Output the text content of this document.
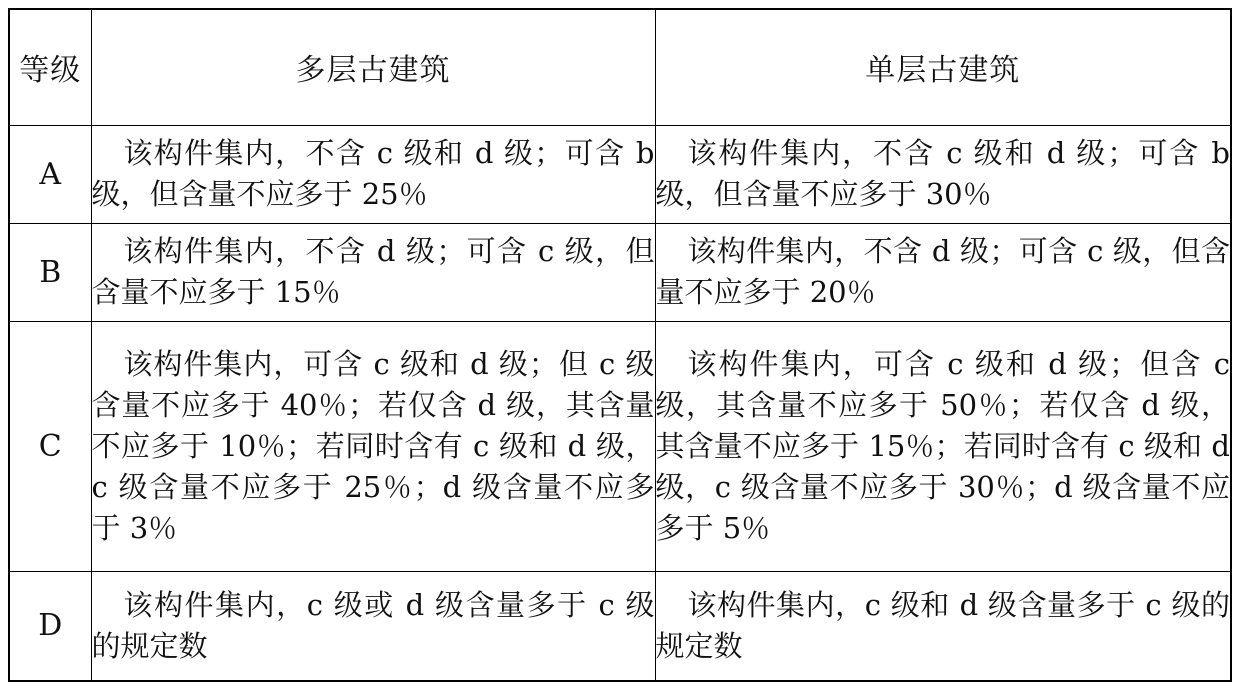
等级	多层古建筑	单层古建筑
A	该构件集内，不含 c 级和 d 级；可含 b 级，但含量不应多于 25％	该构件集内，不含 c 级和 d 级；可含 b 级，但含量不应多于 30％
B	该构件集内，不含 d 级；可含 c 级，但含量不应多于 15％	该构件集内，不含 d 级；可含 c 级，但含量不应多于 20％
C	该构件集内，可含 c 级和 d 级；但 c 级含量不应多于 40％；若仅含 d 级，其含量不应多于 10％；若同时含有 c 级和 d 级，c 级含量不应多于 25％；d 级含量不应多于 3％	该构件集内，可含 c 级和 d 级；但含 c 级，其含量不应多于 50％；若仅含 d 级，其含量不应多于 15％；若同时含有 c 级和 d 级，c 级含量不应多于 30％；d 级含量不应多于 5％
D	该构件集内，c 级或 d 级含量多于 c 级的规定数	该构件集内，c 级和 d 级含量多于 c 级的规定数
